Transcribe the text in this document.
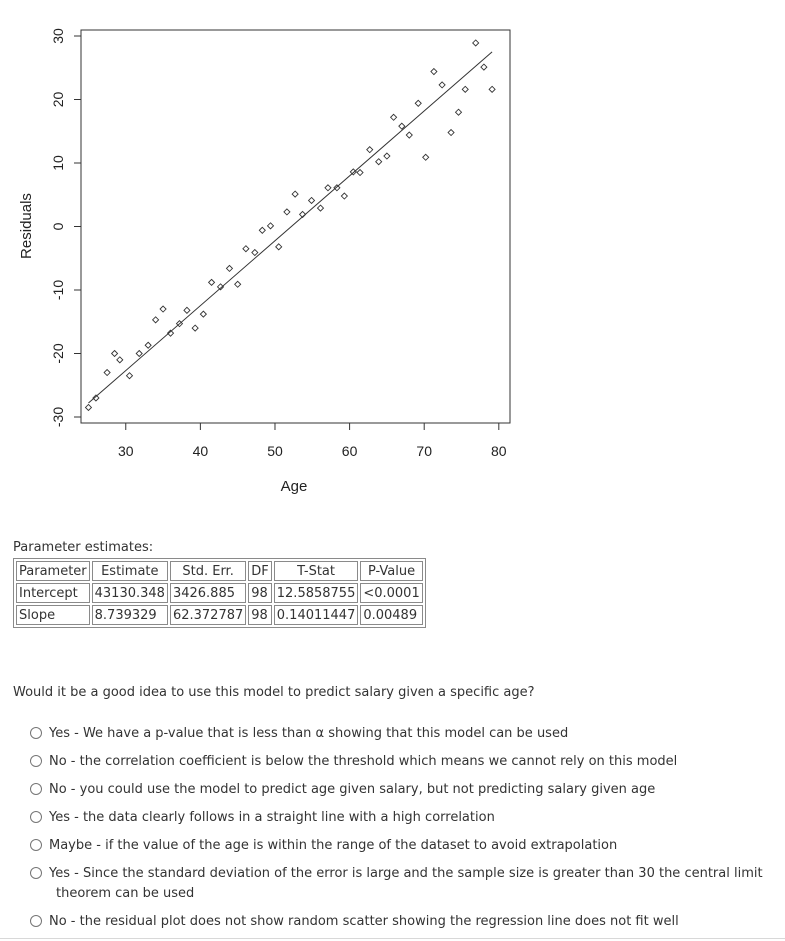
30	40	50	60	70	80
-30
-20
-10
0
10
20
30
Age
Residuals
Parameter estimates:
Parameter	Estimate	Std. Err.	DF	T-Stat	P-Value
Intercept	43130.348	3426.885	98	12.5858755	<0.0001
Slope	8.739329	62.372787	98	0.14011447	0.00489
Would it be a good idea to use this model to predict salary given a specific age?
Yes - We have a p-value that is less than α showing that this model can be used
No - the correlation coefficient is below the threshold which means we cannot rely on this model
No - you could use the model to predict age given salary, but not predicting salary given age
Yes - the data clearly follows in a straight line with a high correlation
Maybe - if the value of the age is within the range of the dataset to avoid extrapolation
Yes - Since the standard deviation of the error is large and the sample size is greater than 30 the central limit
theorem can be used
No - the residual plot does not show random scatter showing the regression line does not fit well
